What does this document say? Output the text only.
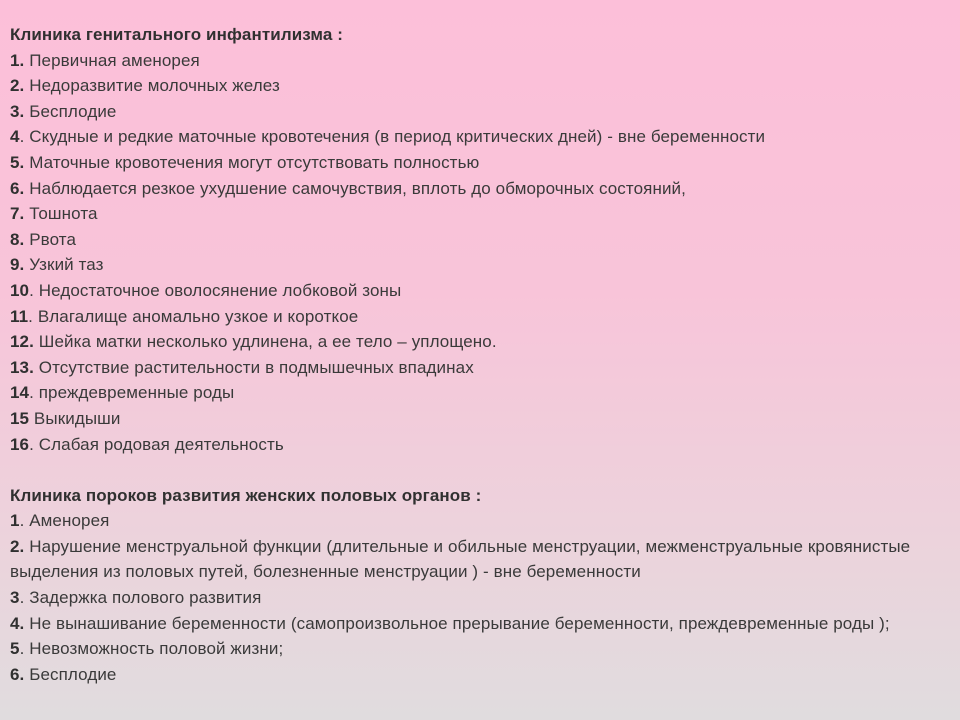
Клиника генитального инфантилизма :
1. Первичная аменорея
2. Недоразвитие молочных желез
3. Бесплодие
4. Скудные и редкие маточные кровотечения (в период критических дней) - вне беременности
5. Маточные кровотечения могут отсутствовать полностью
6. Наблюдается резкое ухудшение самочувствия, вплоть до обморочных состояний,
7. Тошнота
8. Рвота
9. Узкий таз
10. Недостаточное оволосянение лобковой зоны
11. Влагалище аномально узкое и короткое
12. Шейка матки несколько удлинена, а ее тело – уплощено.
13. Отсутствие растительности в подмышечных впадинах
14. преждевременные роды
15 Выкидыши
16. Слабая родовая деятельность
Клиника пороков развития женских половых органов :
1. Аменорея
2. Нарушение менструальной функции (длительные и обильные менструации, межменструальные кровянистые выделения из половых путей, болезненные менструации ) - вне беременности
3. Задержка полового развития
4. Не вынашивание беременности (самопроизвольное прерывание беременности, преждевременные роды );
5. Невозможность половой жизни;
6. Бесплодие
